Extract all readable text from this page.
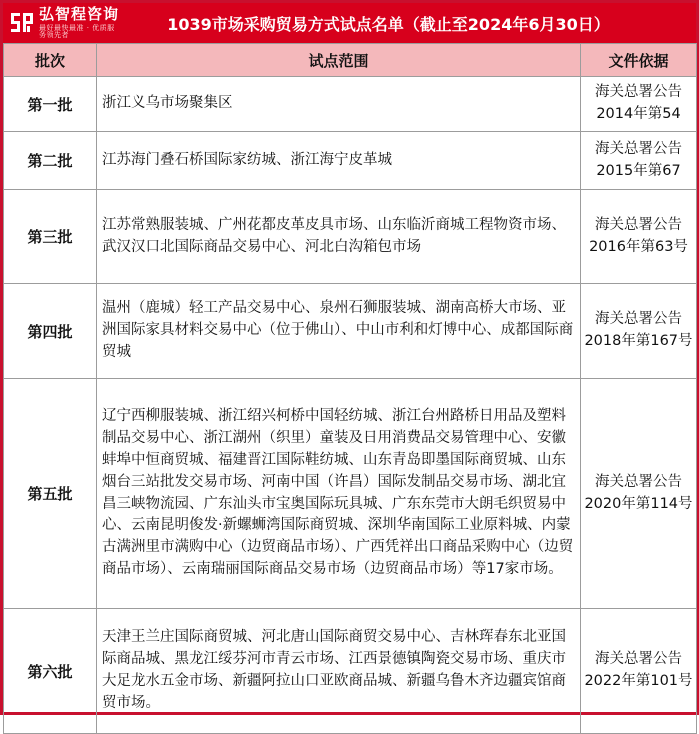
弘智程咨询
最好最快最准 · 优质服务领先者
1039市场采购贸易方式试点名单（截止至2024年6月30日）
批次	试点范围	文件依据
第一批	浙江义乌市场聚集区	海关总署公告2014年第54
第二批	江苏海门叠石桥国际家纺城、浙江海宁皮革城	海关总署公告2015年第67
第三批	江苏常熟服装城、广州花都皮革皮具市场、山东临沂商城工程物资市场、武汉汉口北国际商品交易中心、河北白沟箱包市场	海关总署公告2016年第63号
第四批	温州（鹿城）轻工产品交易中心、泉州石狮服装城、湖南高桥大市场、亚洲国际家具材料交易中心（位于佛山）、中山市利和灯博中心、成都国际商贸城	海关总署公告2018年第167号
第五批	辽宁西柳服装城、浙江绍兴柯桥中国轻纺城、浙江台州路桥日用品及塑料制品交易中心、浙江湖州（织里）童装及日用消费品交易管理中心、安徽蚌埠中恒商贸城、福建晋江国际鞋纺城、山东青岛即墨国际商贸城、山东烟台三站批发交易市场、河南中国（许昌）国际发制品交易市场、湖北宜昌三峡物流园、广东汕头市宝奥国际玩具城、广东东莞市大朗毛织贸易中心、云南昆明俊发·新螺蛳湾国际商贸城、深圳华南国际工业原料城、内蒙古满洲里市满购中心（边贸商品市场）、广西凭祥出口商品采购中心（边贸商品市场）、云南瑞丽国际商品交易市场（边贸商品市场）等17家市场。	海关总署公告2020年第114号
第六批	天津王兰庄国际商贸城、河北唐山国际商贸交易中心、吉林珲春东北亚国际商品城、黑龙江绥芬河市青云市场、江西景德镇陶瓷交易市场、重庆市大足龙水五金市场、新疆阿拉山口亚欧商品城、新疆乌鲁木齐边疆宾馆商贸市场。	海关总署公告2022年第101号
